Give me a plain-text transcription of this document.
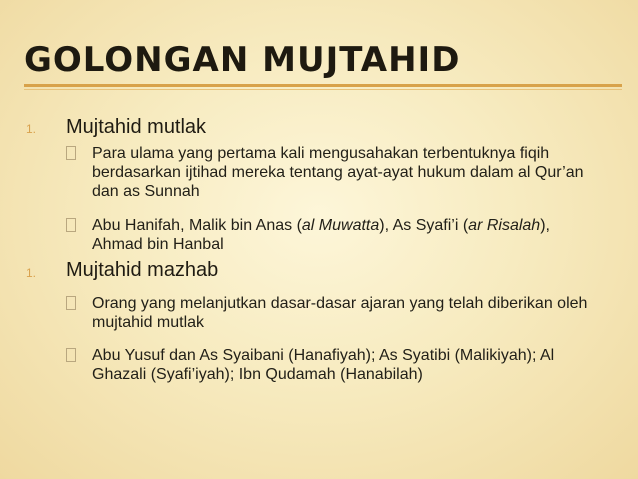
GOLONGAN MUJTAHID
1. Mujtahid mutlak
Para ulama yang pertama kali mengusahakan terbentuknya fiqih berdasarkan ijtihad mereka tentang ayat-ayat hukum dalam al Qur’an dan as Sunnah
Abu Hanifah, Malik bin Anas (al Muwatta), As Syafi’i (ar Risalah), Ahmad bin Hanbal
1. Mujtahid mazhab
Orang yang melanjutkan dasar-dasar ajaran yang telah diberikan oleh mujtahid mutlak
Abu Yusuf dan As Syaibani (Hanafiyah); As Syatibi (Malikiyah); Al Ghazali (Syafi’iyah); Ibn Qudamah (Hanabilah)
